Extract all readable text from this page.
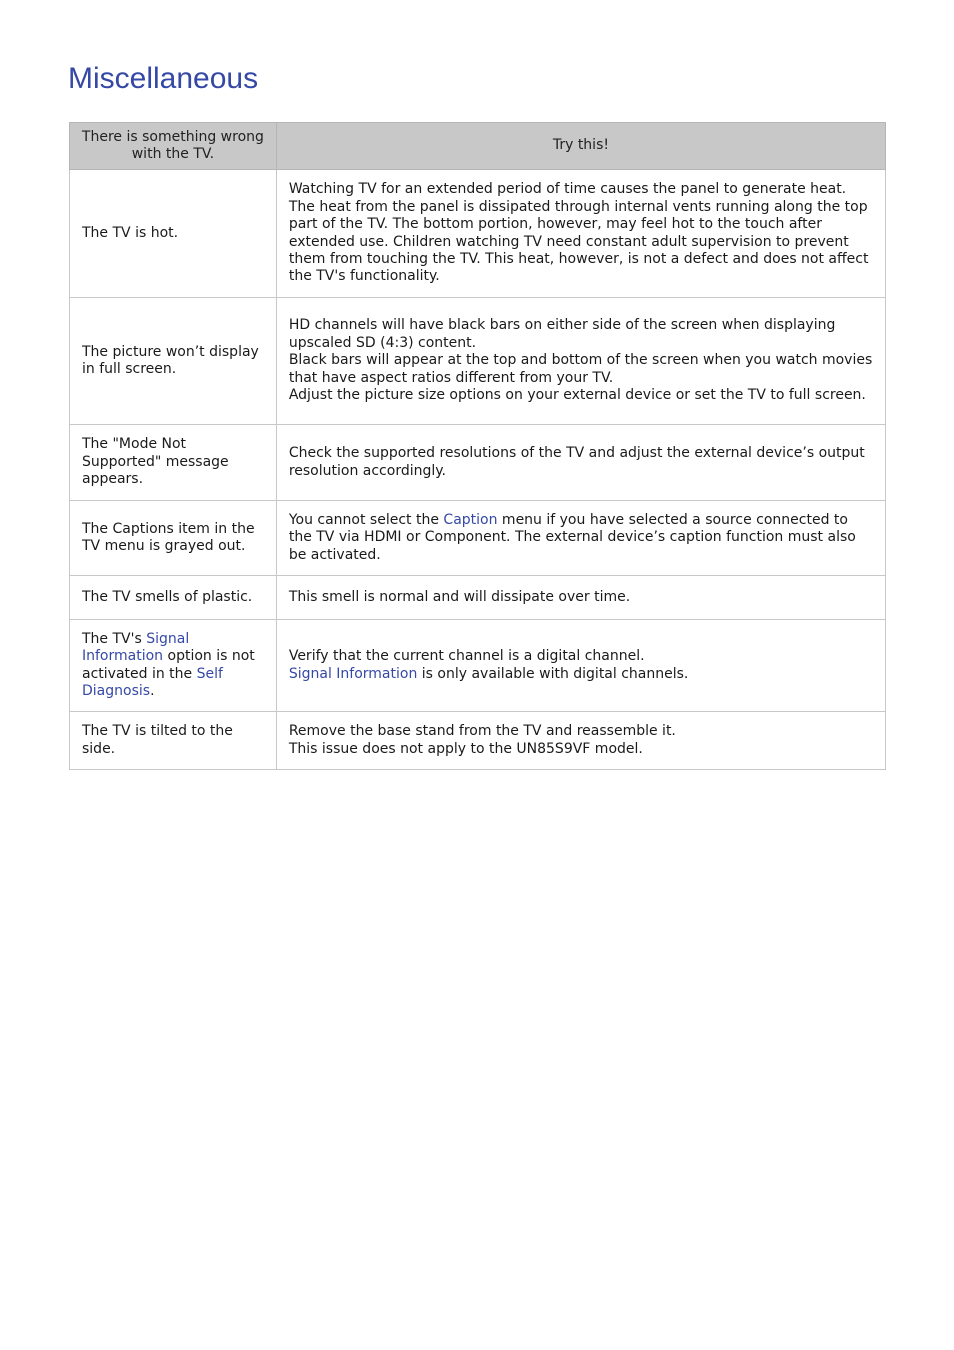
Miscellaneous
There is something wrong with the TV.	Try this!
The TV is hot.	Watching TV for an extended period of time causes the panel to generate heat. The heat from the panel is dissipated through internal vents running along the top part of the TV. The bottom portion, however, may feel hot to the touch after extended use. Children watching TV need constant adult supervision to prevent them from touching the TV. This heat, however, is not a defect and does not affect the TV's functionality.
The picture won’t display in full screen.	HD channels will have black bars on either side of the screen when displaying upscaled SD (4:3) content.
Black bars will appear at the top and bottom of the screen when you watch movies that have aspect ratios different from your TV.
Adjust the picture size options on your external device or set the TV to full screen.

The "Mode Not Supported" message appears.	Check the supported resolutions of the TV and adjust the external device’s output resolution accordingly.
The Captions item in the TV menu is grayed out.	You cannot select the Caption menu if you have selected a source connected to the TV via HDMI or Component. The external device’s caption function must also be activated.
The TV smells of plastic.	This smell is normal and will dissipate over time.
The TV's Signal Information option is not activated in the Self Diagnosis.	Verify that the current channel is a digital channel.
Signal Information is only available with digital channels.

The TV is tilted to the side.	Remove the base stand from the TV and reassemble it.
This issue does not apply to the UN85S9VF model.
